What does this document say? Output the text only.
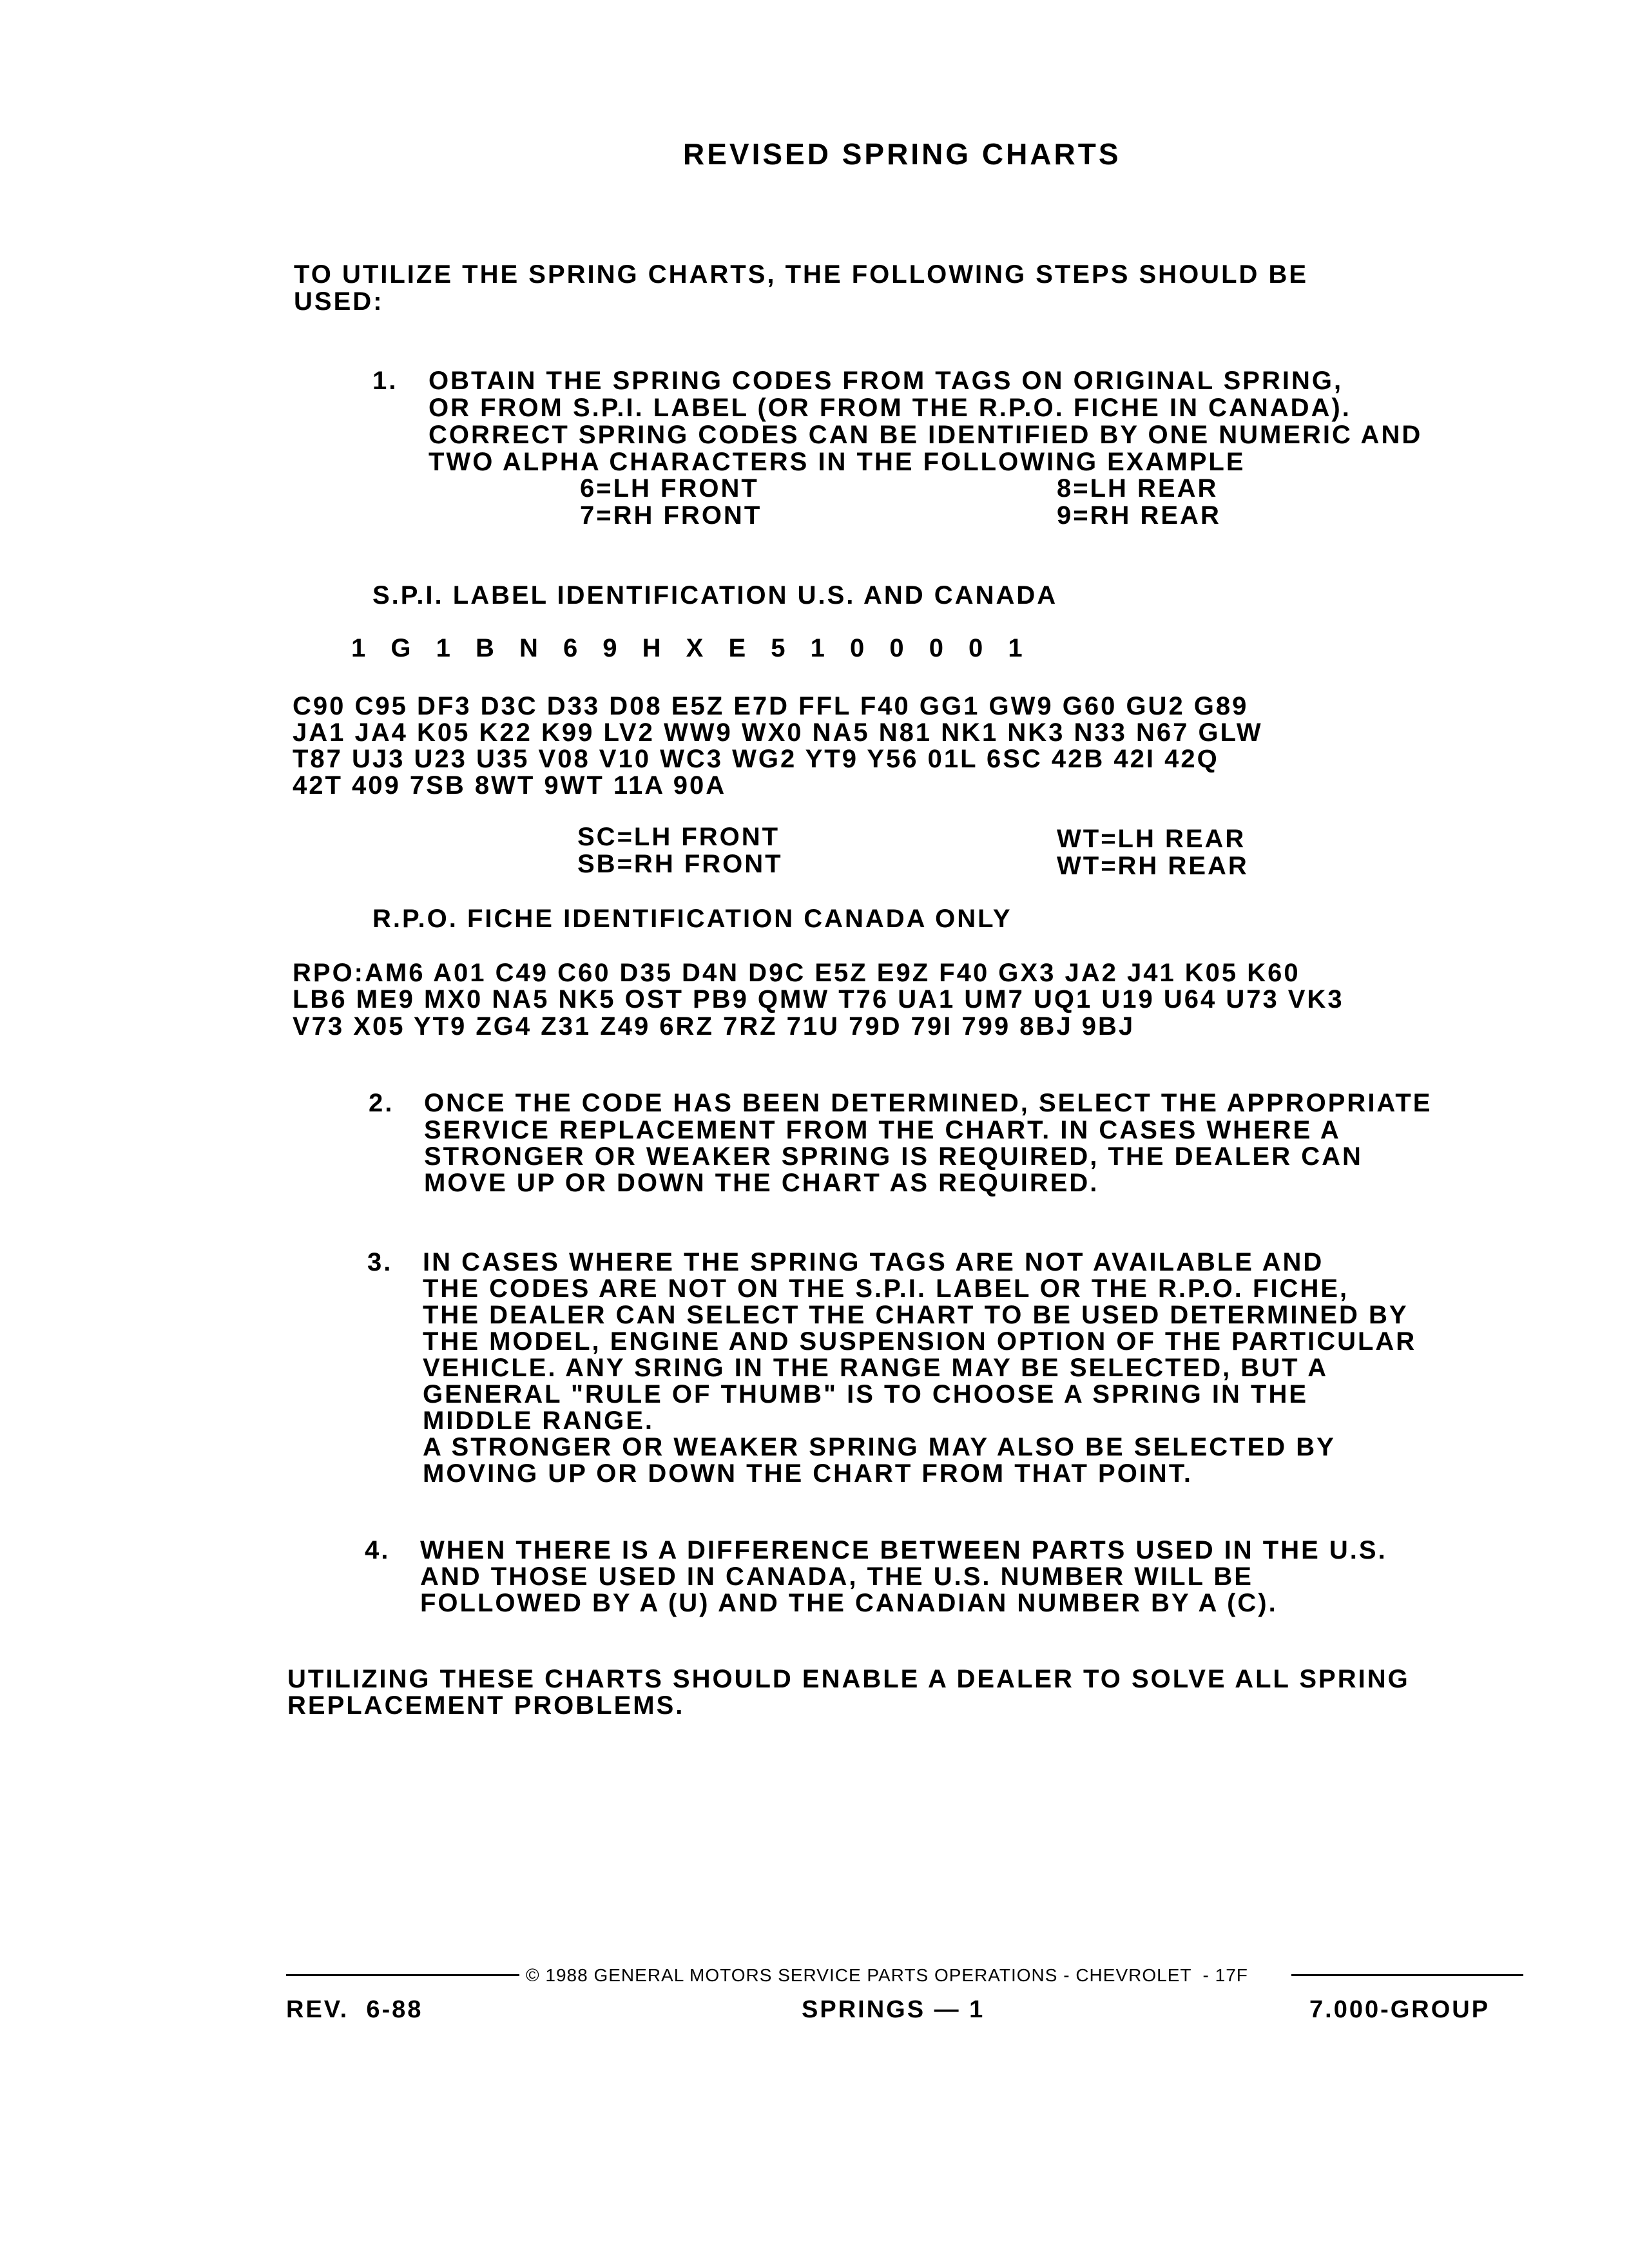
REVISED SPRING CHARTS
TO UTILIZE THE SPRING CHARTS, THE FOLLOWING STEPS SHOULD BE
USED:
1. OBTAIN THE SPRING CODES FROM TAGS ON ORIGINAL SPRING,
OR FROM S.P.I. LABEL (OR FROM THE R.P.O. FICHE IN CANADA).
CORRECT SPRING CODES CAN BE IDENTIFIED BY ONE NUMERIC AND
TWO ALPHA CHARACTERS IN THE FOLLOWING EXAMPLE
6=LH FRONT
7=RH FRONT
8=LH REAR
9=RH REAR
S.P.I. LABEL IDENTIFICATION U.S. AND CANADA
1 G 1 B N 6 9 H X E 5 1 0 0 0 0 1
C90 C95 DF3 D3C D33 D08 E5Z E7D FFL F40 GG1 GW9 G60 GU2 G89
JA1 JA4 K05 K22 K99 LV2 WW9 WX0 NA5 N81 NK1 NK3 N33 N67 GLW
T87 UJ3 U23 U35 V08 V10 WC3 WG2 YT9 Y56 01L 6SC 42B 42I 42Q
42T 409 7SB 8WT 9WT 11A 90A
SC=LH FRONT
SB=RH FRONT
WT=LH REAR
WT=RH REAR
R.P.O. FICHE IDENTIFICATION CANADA ONLY
RPO:AM6 A01 C49 C60 D35 D4N D9C E5Z E9Z F40 GX3 JA2 J41 K05 K60
LB6 ME9 MX0 NA5 NK5 OST PB9 QMW T76 UA1 UM7 UQ1 U19 U64 U73 VK3
V73 X05 YT9 ZG4 Z31 Z49 6RZ 7RZ 71U 79D 79I 799 8BJ 9BJ
2. ONCE THE CODE HAS BEEN DETERMINED, SELECT THE APPROPRIATE
SERVICE REPLACEMENT FROM THE CHART. IN CASES WHERE A
STRONGER OR WEAKER SPRING IS REQUIRED, THE DEALER CAN
MOVE UP OR DOWN THE CHART AS REQUIRED.
3. IN CASES WHERE THE SPRING TAGS ARE NOT AVAILABLE AND
THE CODES ARE NOT ON THE S.P.I. LABEL OR THE R.P.O. FICHE,
THE DEALER CAN SELECT THE CHART TO BE USED DETERMINED BY
THE MODEL, ENGINE AND SUSPENSION OPTION OF THE PARTICULAR
VEHICLE. ANY SRING IN THE RANGE MAY BE SELECTED, BUT A
GENERAL "RULE OF THUMB" IS TO CHOOSE A SPRING IN THE
MIDDLE RANGE.
A STRONGER OR WEAKER SPRING MAY ALSO BE SELECTED BY
MOVING UP OR DOWN THE CHART FROM THAT POINT.
4. WHEN THERE IS A DIFFERENCE BETWEEN PARTS USED IN THE U.S.
AND THOSE USED IN CANADA, THE U.S. NUMBER WILL BE
FOLLOWED BY A (U) AND THE CANADIAN NUMBER BY A (C).
UTILIZING THESE CHARTS SHOULD ENABLE A DEALER TO SOLVE ALL SPRING
REPLACEMENT PROBLEMS.
© 1988 GENERAL MOTORS SERVICE PARTS OPERATIONS - CHEVROLET  - 17F
REV.  6-88	SPRINGS — 1	7.000-GROUP
